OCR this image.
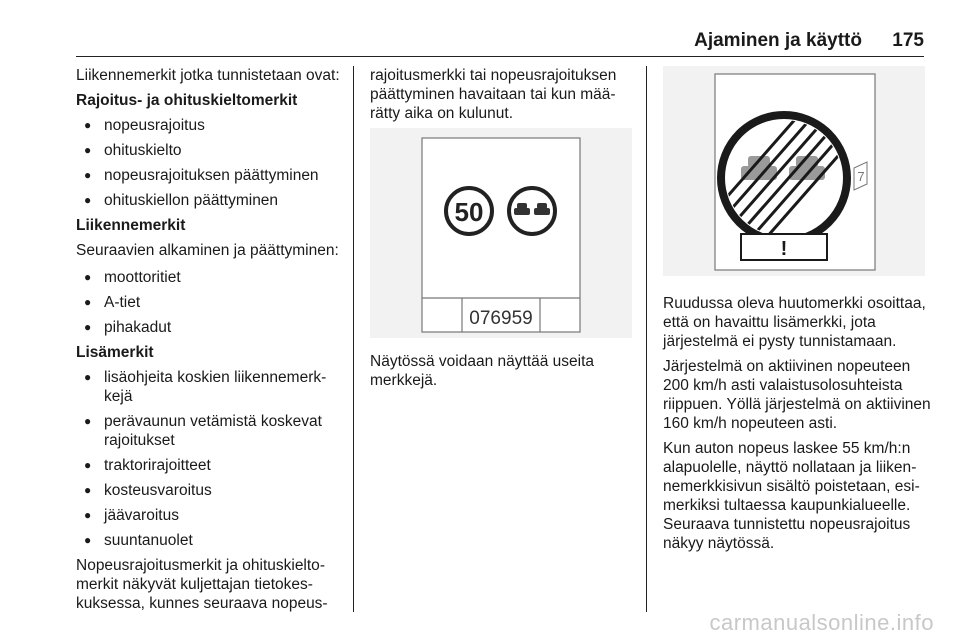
Ajaminen ja käyttö 175

Liikennemerkit jotka tunnistetaan ovat:

Rajoitus- ja ohituskieltomerkit

● nopeusrajoitus
● ohituskielto
● nopeusrajoituksen päättyminen
● ohituskiellon päättyminen

Liikennemerkit

Seuraavien alkaminen ja päättyminen:

● moottoritiet
● A-tiet
● pihakadut

Lisämerkit

● lisäohjeita koskien liikennemerkkejä
● perävaunun vetämistä koskevat rajoitukset
● traktorirajoitteet
● kosteusvaroitus
● jäävaroitus
● suuntanuolet

Nopeusrajoitusmerkit ja ohituskieltomerkit näkyvät kuljettajan tietokeskuksessa, kunnes seuraava nopeus-

rajoitusmerkki tai nopeusrajoituksen päättyminen havaitaan tai kun määrätty aika on kulunut.

50
076959

Näytössä voidaan näyttää useita merkkejä.

7
!

Ruudussa oleva huutomerkki osoittaa, että on havaittu lisämerkki, jota järjestelmä ei pysty tunnistamaan.

Järjestelmä on aktiivinen nopeuteen 200 km/h asti valaistusolosuhteista riippuen. Yöllä järjestelmä on aktiivinen 160 km/h nopeuteen asti.

Kun auton nopeus laskee 55 km/h:n alapuolelle, näyttö nollataan ja liikennemerkkisivun sisältö poistetaan, esimerkiksi tultaessa kaupunkialueelle. Seuraava tunnistettu nopeusrajoitus näkyy näytössä.

carmanualsonline.info
